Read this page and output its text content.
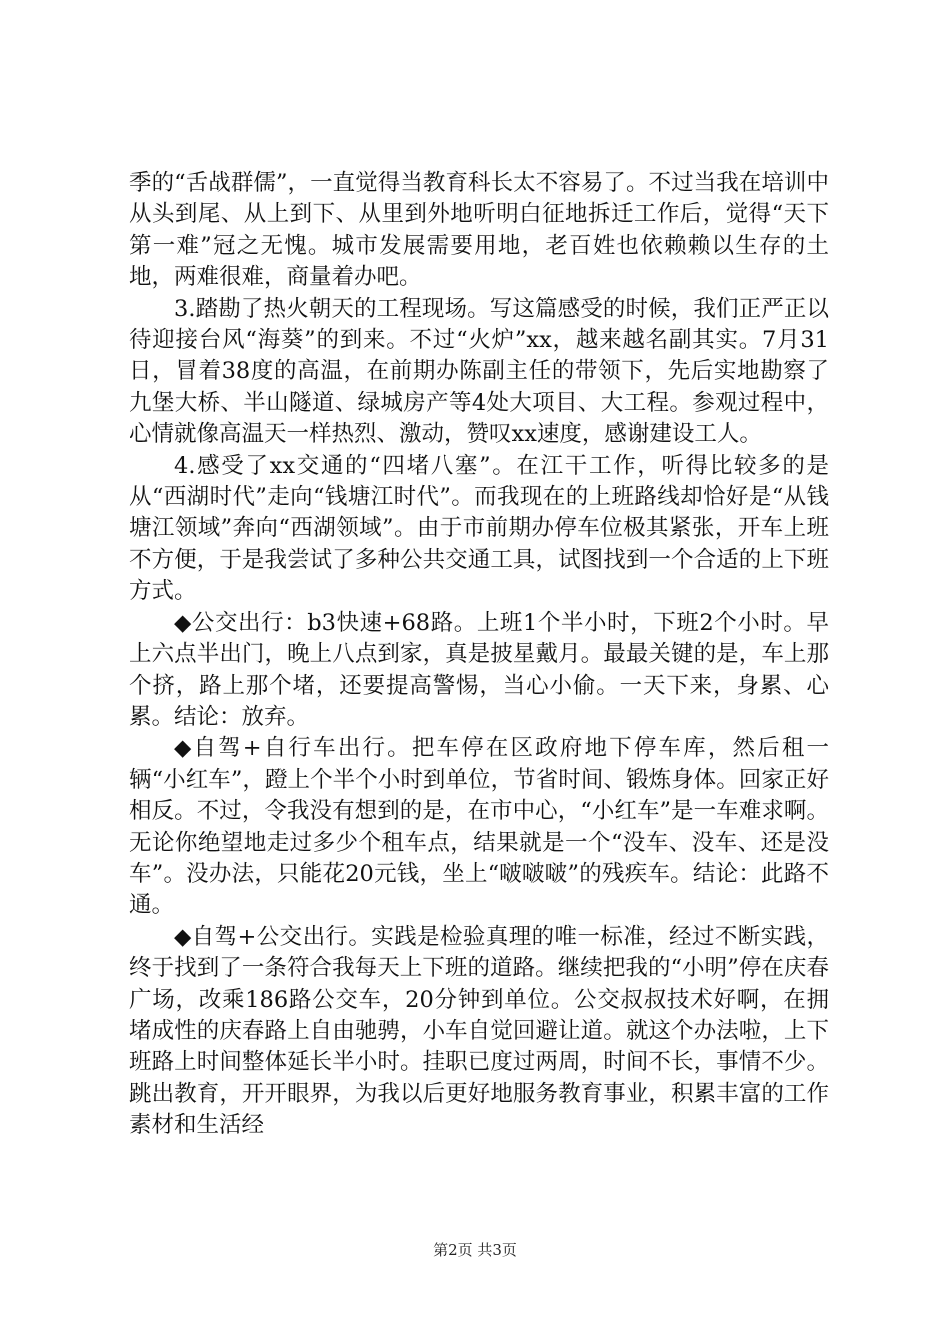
季的“舌战群儒”，一直觉得当教育科长太不容易了。不过当我在培训中从头到尾、从上到下、从里到外地听明白征地拆迁工作后，觉得“天下第一难”冠之无愧。城市发展需要用地，老百姓也依赖赖以生存的土地，两难很难，商量着办吧。

3.踏勘了热火朝天的工程现场。写这篇感受的时候，我们正严正以待迎接台风“海葵”的到来。不过“火炉”xx，越来越名副其实。7月31日，冒着38度的高温，在前期办陈副主任的带领下，先后实地勘察了九堡大桥、半山隧道、绿城房产等4处大项目、大工程。参观过程中，心情就像高温天一样热烈、激动，赞叹xx速度，感谢建设工人。

4.感受了xx交通的“四堵八塞”。在江干工作，听得比较多的是从“西湖时代”走向“钱塘江时代”。而我现在的上班路线却恰好是“从钱塘江领域”奔向“西湖领域”。由于市前期办停车位极其紧张，开车上班不方便，于是我尝试了多种公共交通工具，试图找到一个合适的上下班方式。

◆公交出行：b3快速+68路。上班1个半小时，下班2个小时。早上六点半出门，晚上八点到家，真是披星戴月。最最关键的是，车上那个挤，路上那个堵，还要提高警惕，当心小偷。一天下来，身累、心累。结论：放弃。

◆自驾+自行车出行。把车停在区政府地下停车库，然后租一辆“小红车”，蹬上个半个小时到单位，节省时间、锻炼身体。回家正好相反。不过，令我没有想到的是，在市中心，“小红车”是一车难求啊。无论你绝望地走过多少个租车点，结果就是一个“没车、没车、还是没车”。没办法，只能花20元钱，坐上“啵啵啵”的残疾车。结论：此路不通。

◆自驾+公交出行。实践是检验真理的唯一标准，经过不断实践，终于找到了一条符合我每天上下班的道路。继续把我的“小明”停在庆春广场，改乘186路公交车，20分钟到单位。公交叔叔技术好啊，在拥堵成性的庆春路上自由驰骋，小车自觉回避让道。就这个办法啦，上下班路上时间整体延长半小时。挂职已度过两周，时间不长，事情不少。跳出教育，开开眼界，为我以后更好地服务教育事业，积累丰富的工作素材和生活经

第2页 共3页
